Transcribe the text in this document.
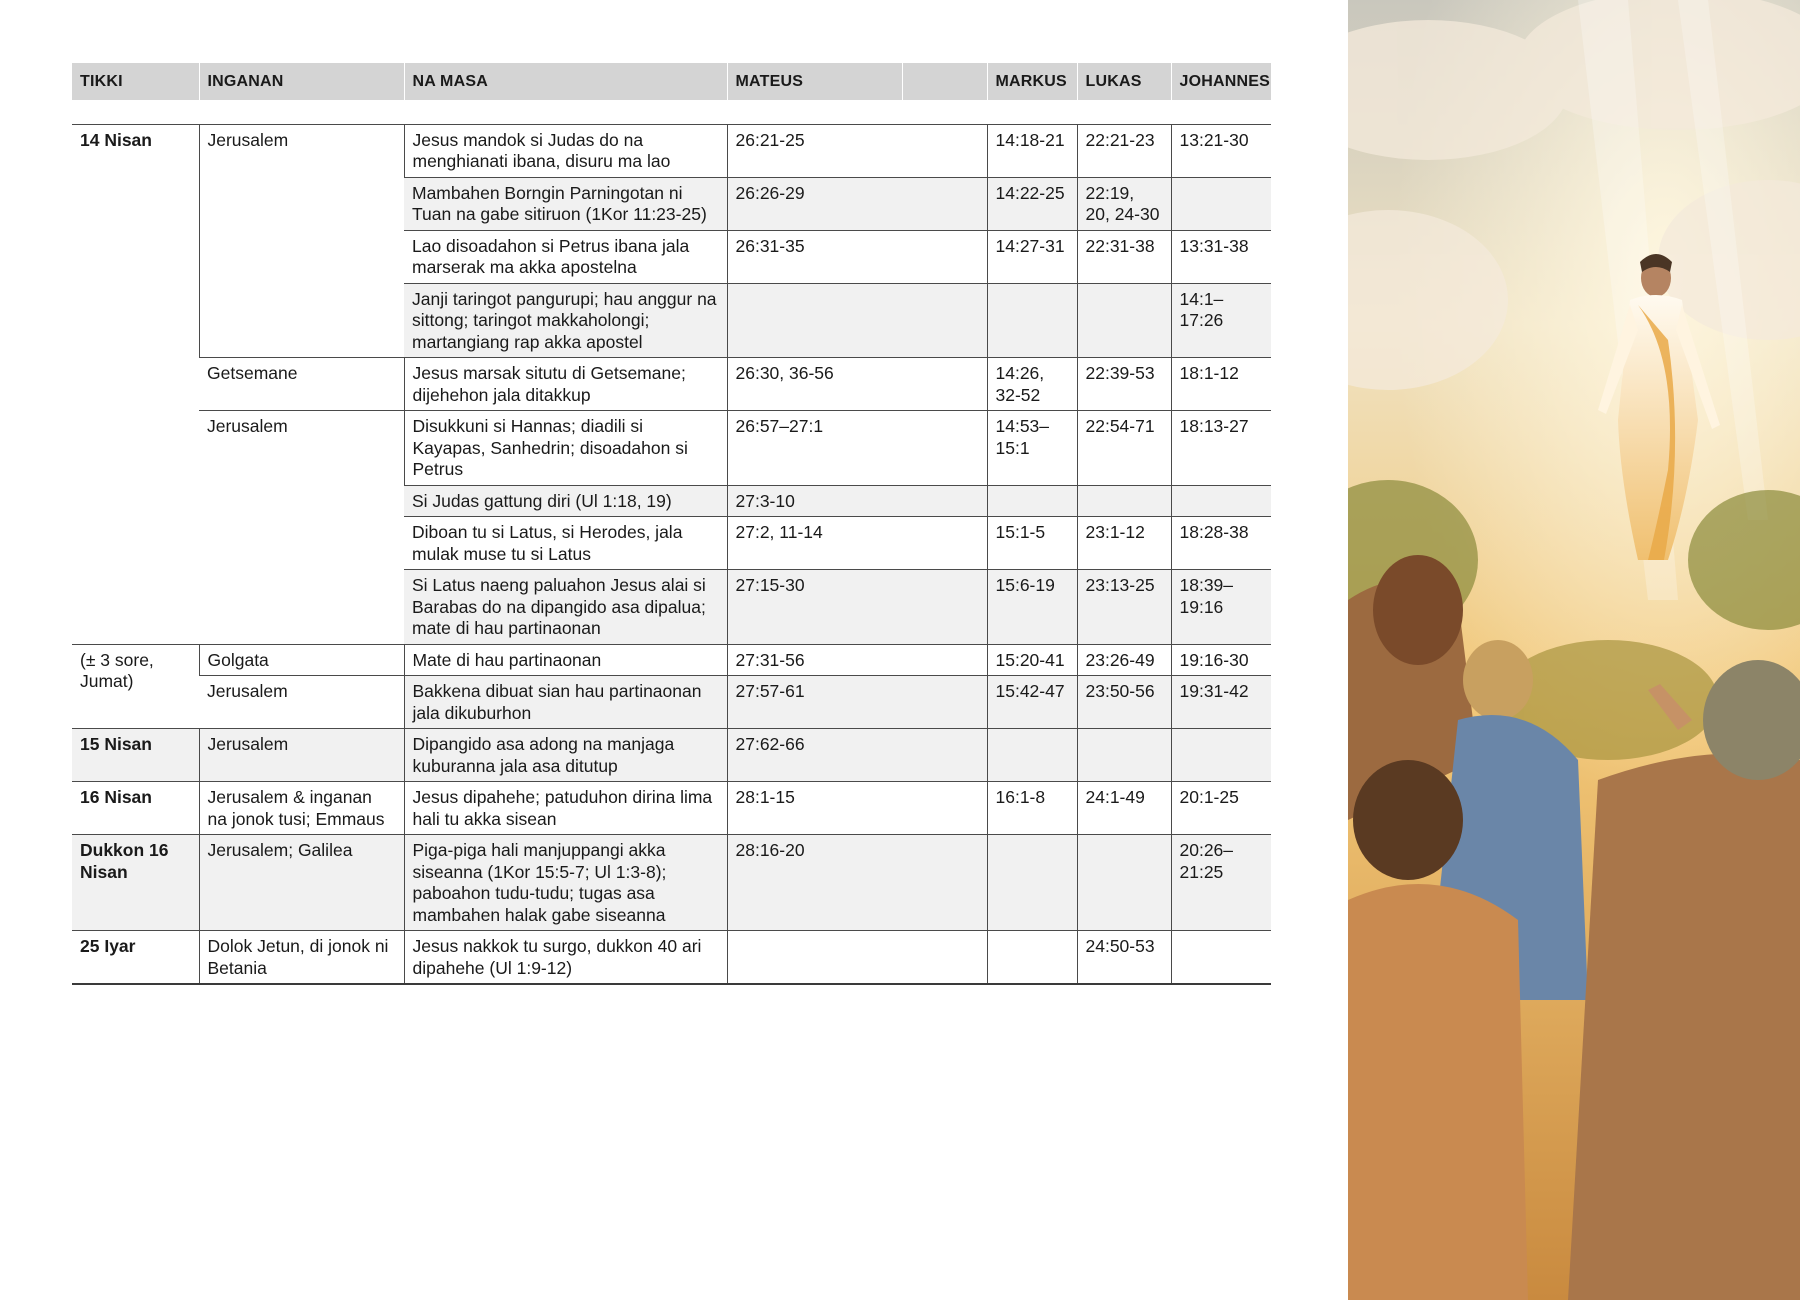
TIKKI	INGANAN	NA MASA	MATEUS		MARKUS	LUKAS	JOHANNES

14 Nisan	Jerusalem	Jesus mandok si Judas do na menghianati ibana, disuru ma lao	26:21-25		14:18-21	22:21-23	13:21-30
		Mambahen Borngin Parningotan ni Tuan na gabe sitiruon (1Kor 11:23-25)	26:26-29		14:22-25	22:19, 20, 24-30	
		Lao disoadahon si Petrus ibana jala marserak ma akka apostelna	26:31-35		14:27-31	22:31-38	13:31-38
		Janji taringot pangurupi; hau anggur na sittong; taringot makkaholongi; martangiang rap akka apostel					14:1–17:26
	Getsemane	Jesus marsak situtu di Getsemane; dijehehon jala ditakkup	26:30, 36-56		14:26, 32-52	22:39-53	18:1-12
	Jerusalem	Disukkuni si Hannas; diadili si Kayapas, Sanhedrin; disoadahon si Petrus	26:57–27:1		14:53–15:1	22:54-71	18:13-27
		Si Judas gattung diri (Ul 1:18, 19)	27:3-10				
		Diboan tu si Latus, si Herodes, jala mulak muse tu si Latus	27:2, 11-14		15:1-5	23:1-12	18:28-38
		Si Latus naeng paluahon Jesus alai si Barabas do na dipangido asa dipalua; mate di hau partinaonan	27:15-30		15:6-19	23:13-25	18:39–19:16
(± 3 sore, Jumat)	Golgata	Mate di hau partinaonan	27:31-56		15:20-41	23:26-49	19:16-30
	Jerusalem	Bakkena dibuat sian hau partinaonan jala dikuburhon	27:57-61		15:42-47	23:50-56	19:31-42
15 Nisan	Jerusalem	Dipangido asa adong na manjaga kuburanna jala asa ditutup	27:62-66				
16 Nisan	Jerusalem & inganan na jonok tusi; Emmaus	Jesus dipahehe; patuduhon dirina lima hali tu akka sisean	28:1-15		16:1-8	24:1-49	20:1-25
Dukkon 16 Nisan	Jerusalem; Galilea	Piga-piga hali manjuppangi akka siseanna (1Kor 15:5-7; Ul 1:3-8); paboahon tudu-tudu; tugas asa mambahen halak gabe siseanna	28:16-20				20:26–21:25
25 Iyar	Dolok Jetun, di jonok ni Betania	Jesus nakkok tu surgo, dukkon 40 ari dipahehe (Ul 1:9-12)				24:50-53	
